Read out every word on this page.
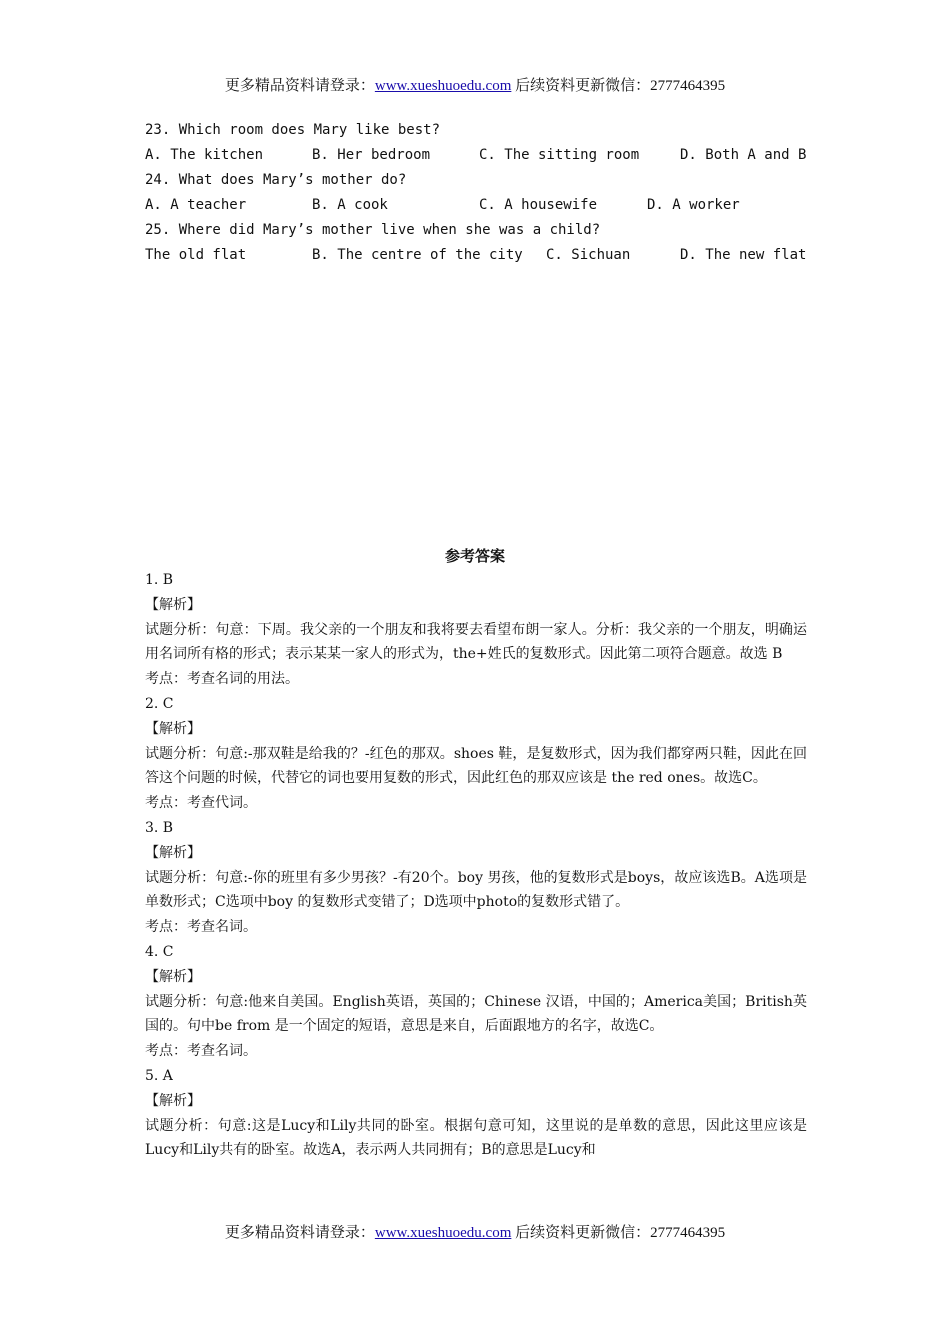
更多精品资料请登录：www.xueshuoedu.com 后续资料更新微信：2777464395
23. Which room does Mary like best?
A. The kitchen	B. Her bedroom	C. The sitting room	D. Both A and B
24. What does Mary’s mother do?
A. A teacher	B. A cook	C. A housewife	D. A worker
25. Where did Mary’s mother live when she was a child?
The old flat	B. The centre of the city C. Sichuan	D. The new flat
参考答案
1. B
【解析】
试题分析：句意：下周。我父亲的一个朋友和我将要去看望布朗一家人。分析：我父亲的一个朋友，明确运用名词所有格的形式；表示某某一家人的形式为，the+姓氏的复数形式。因此第二项符合题意。故选 B
考点：考查名词的用法。
2. C
【解析】
试题分析：句意:-那双鞋是给我的？-红色的那双。shoes 鞋，是复数形式，因为我们都穿两只鞋，因此在回答这个问题的时候，代替它的词也要用复数的形式，因此红色的那双应该是 the red ones。故选C。
考点：考查代词。
3. B
【解析】
试题分析：句意:-你的班里有多少男孩？-有20个。boy 男孩，他的复数形式是boys，故应该选B。A选项是单数形式；C选项中boy 的复数形式变错了；D选项中photo的复数形式错了。
考点：考查名词。
4. C
【解析】
试题分析：句意:他来自美国。English英语，英国的；Chinese 汉语，中国的；America美国；British英国的。句中be from 是一个固定的短语，意思是来自，后面跟地方的名字，故选C。
考点：考查名词。
5. A
【解析】
试题分析：句意:这是Lucy和Lily共同的卧室。根据句意可知，这里说的是单数的意思，因此这里应该是Lucy和Lily共有的卧室。故选A，表示两人共同拥有；B的意思是Lucy和
更多精品资料请登录：www.xueshuoedu.com 后续资料更新微信：2777464395
